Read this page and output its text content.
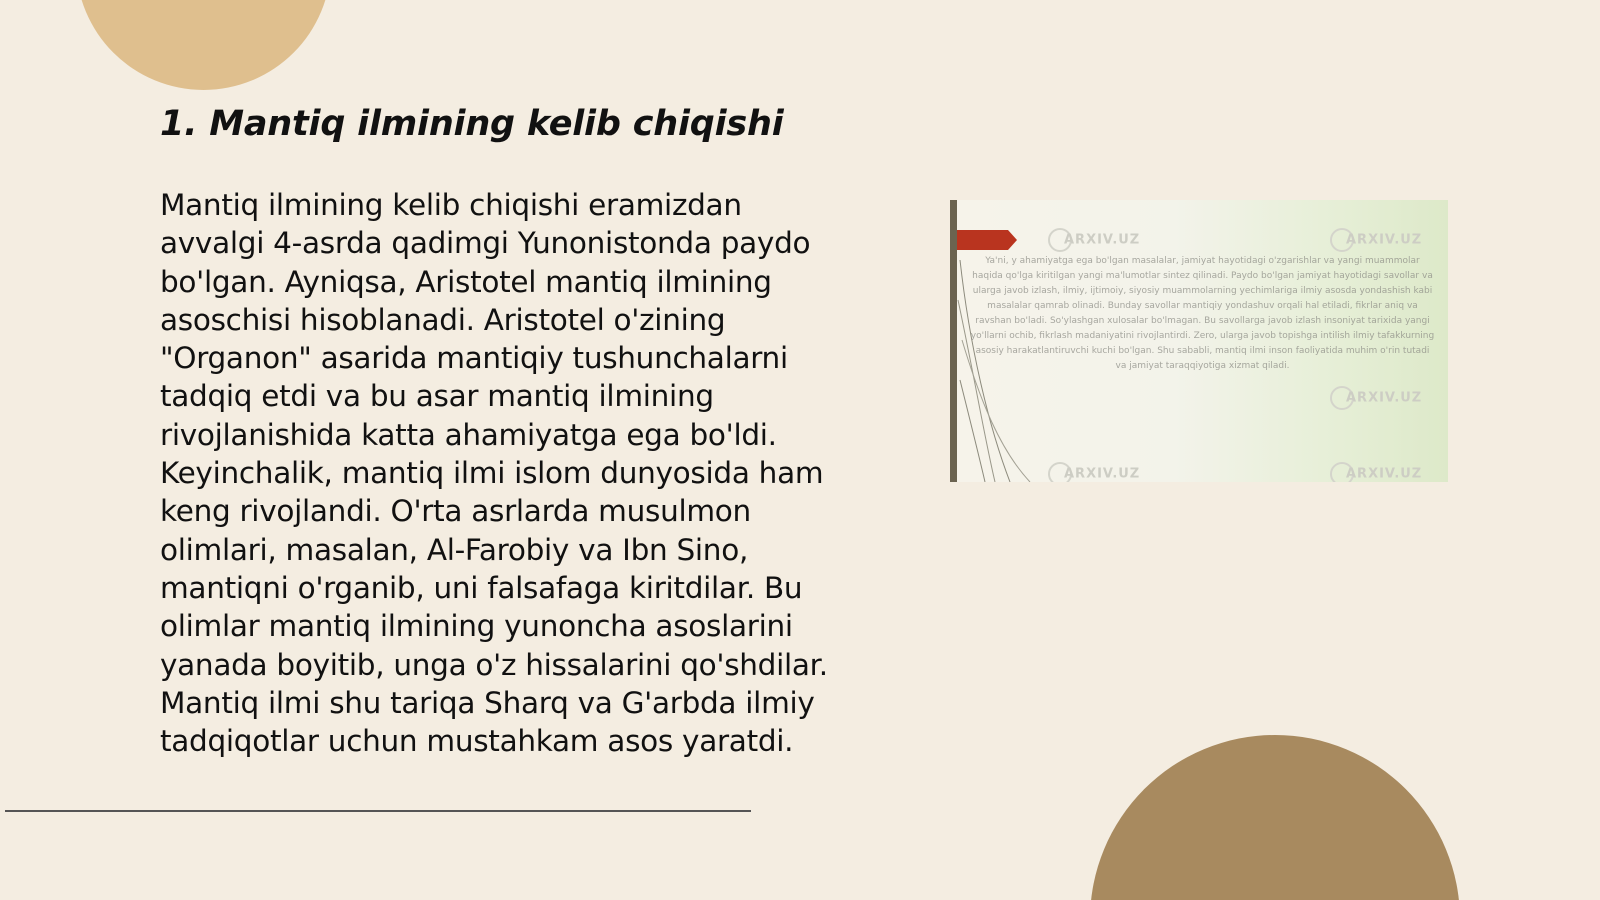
1. Mantiq ilmining kelib chiqishi

Mantiq ilmining kelib chiqishi eramizdan avvalgi 4-asrda qadimgi Yunonistonda paydo bo'lgan. Ayniqsa, Aristotel mantiq ilmining asoschisi hisoblanadi. Aristotel o'zining "Organon" asarida mantiqiy tushunchalarni tadqiq etdi va bu asar mantiq ilmining rivojlanishida katta ahamiyatga ega bo'ldi. Keyinchalik, mantiq ilmi islom dunyosida ham keng rivojlandi. O'rta asrlarda musulmon olimlari, masalan, Al-Farobiy va Ibn Sino, mantiqni o'rganib, uni falsafaga kiritdilar. Bu olimlar mantiq ilmining yunoncha asoslarini yanada boyitib, unga o'z hissalarini qo'shdilar. Mantiq ilmi shu tariqa Sharq va G'arbda ilmiy tadqiqotlar uchun mustahkam asos yaratdi.

ARXIV.UZ	ARXIV.UZ
ARXIV.UZ
ARXIV.UZ	ARXIV.UZ
Ya'ni, y ahamiyatga ega bo'lgan masalalar, jamiyat hayotidagi o'zgarishlar va yangi muammolar haqida qo'lga kiritilgan yangi ma'lumotlar sintez qilinadi. Paydo bo'lgan jamiyat hayotidagi savollar va ularga javob izlash, ilmiy, ijtimoiy, siyosiy muammolarning yechimlariga ilmiy asosda yondashish kabi masalalar qamrab olinadi. Bunday savollar mantiqiy yondashuv orqali hal etiladi, fikrlar aniq va ravshan bo'ladi. So'ylashgan xulosalar bo'lmagan. Bu savollarga javob izlash insoniyat tarixida yangi yo'llarni ochib, fikrlash madaniyatini rivojlantirdi. Zero, ularga javob topishga intilish ilmiy tafakkurning asosiy harakatlantiruvchi kuchi bo'lgan. Shu sababli, mantiq ilmi inson faoliyatida muhim o'rin tutadi va jamiyat taraqqiyotiga xizmat qiladi.
